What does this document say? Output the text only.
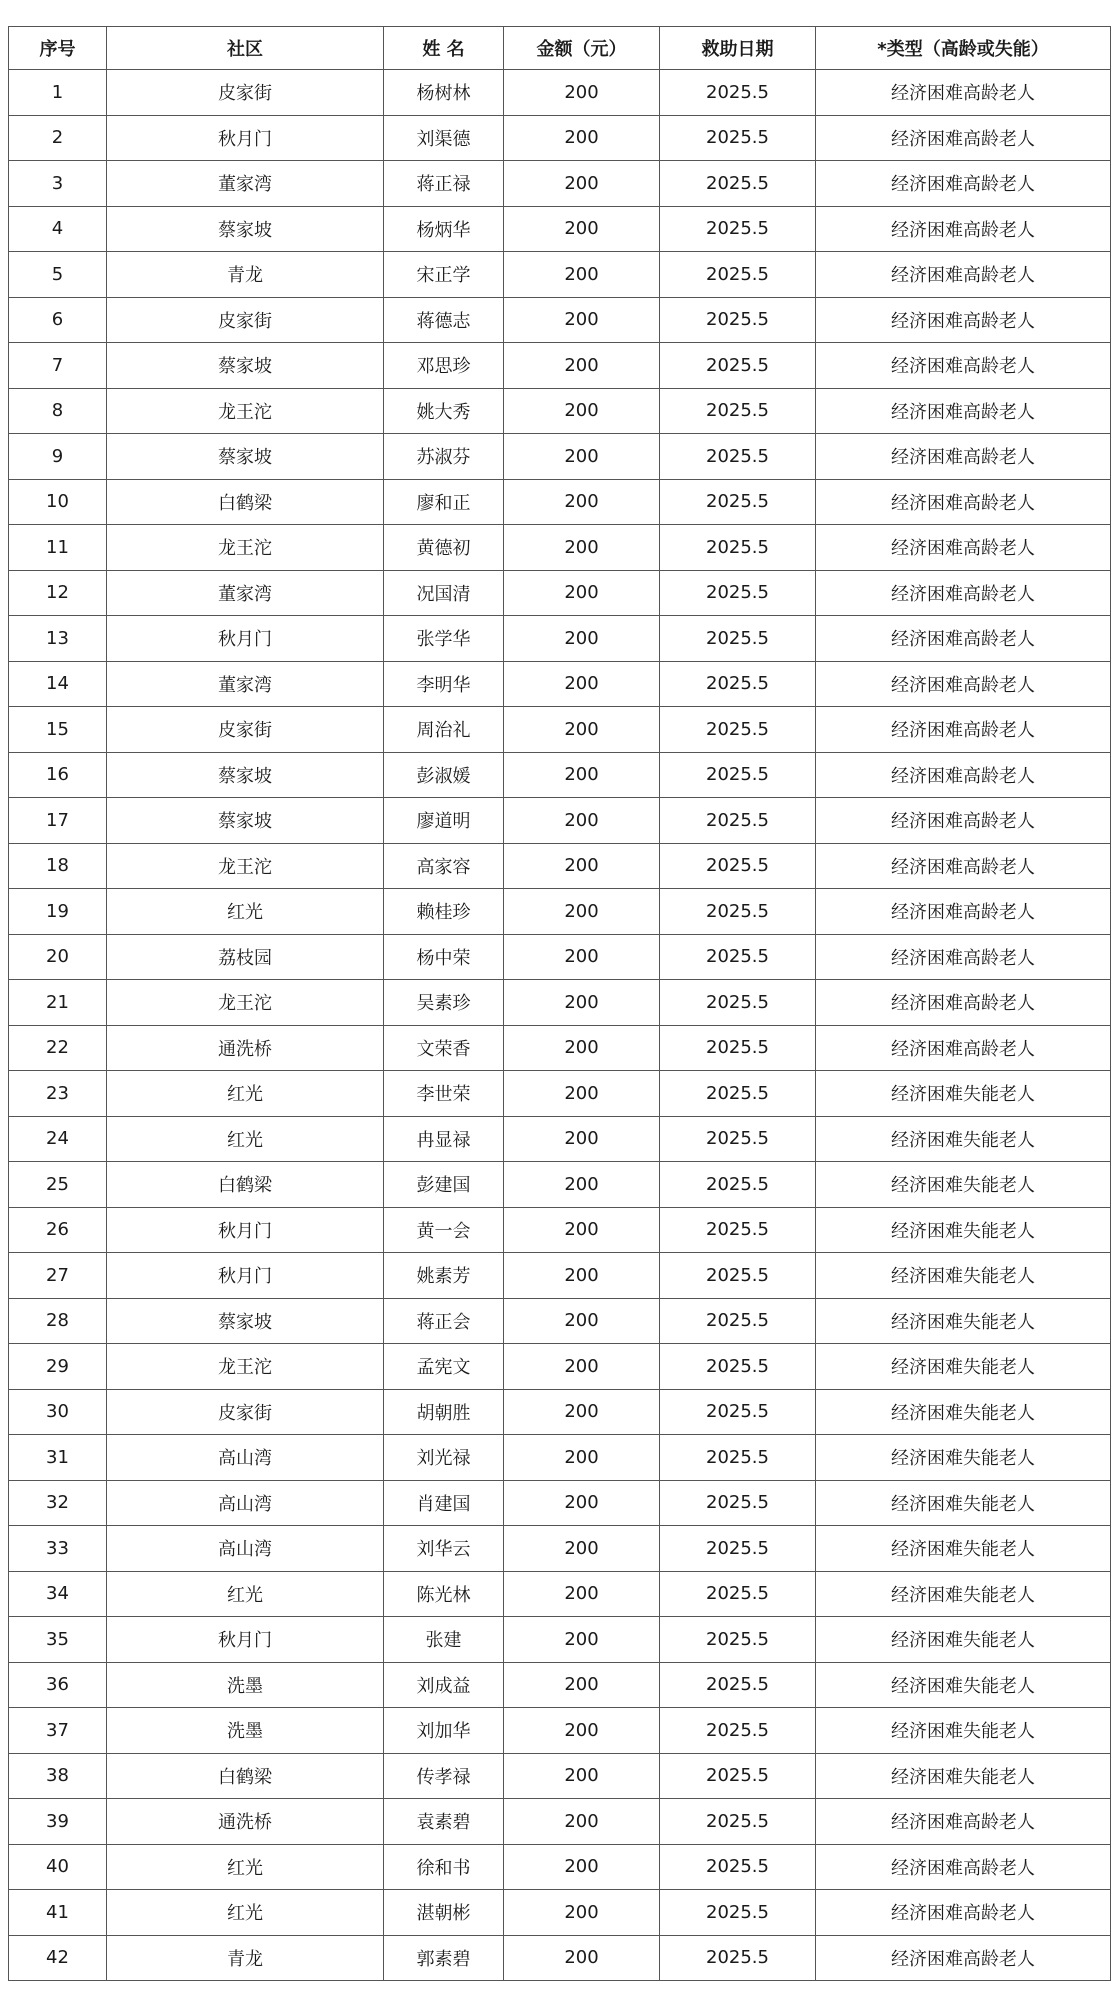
序号	社区	姓 名	金额（元）	救助日期	*类型（高龄或失能）
1	皮家街	杨树林	200	2025.5	经济困难高龄老人
2	秋月门	刘渠德	200	2025.5	经济困难高龄老人
3	董家湾	蒋正禄	200	2025.5	经济困难高龄老人
4	蔡家坡	杨炳华	200	2025.5	经济困难高龄老人
5	青龙	宋正学	200	2025.5	经济困难高龄老人
6	皮家街	蒋德志	200	2025.5	经济困难高龄老人
7	蔡家坡	邓思珍	200	2025.5	经济困难高龄老人
8	龙王沱	姚大秀	200	2025.5	经济困难高龄老人
9	蔡家坡	苏淑芬	200	2025.5	经济困难高龄老人
10	白鹤梁	廖和正	200	2025.5	经济困难高龄老人
11	龙王沱	黄德初	200	2025.5	经济困难高龄老人
12	董家湾	况国清	200	2025.5	经济困难高龄老人
13	秋月门	张学华	200	2025.5	经济困难高龄老人
14	董家湾	李明华	200	2025.5	经济困难高龄老人
15	皮家街	周治礼	200	2025.5	经济困难高龄老人
16	蔡家坡	彭淑媛	200	2025.5	经济困难高龄老人
17	蔡家坡	廖道明	200	2025.5	经济困难高龄老人
18	龙王沱	高家容	200	2025.5	经济困难高龄老人
19	红光	赖桂珍	200	2025.5	经济困难高龄老人
20	荔枝园	杨中荣	200	2025.5	经济困难高龄老人
21	龙王沱	吴素珍	200	2025.5	经济困难高龄老人
22	通洗桥	文荣香	200	2025.5	经济困难高龄老人
23	红光	李世荣	200	2025.5	经济困难失能老人
24	红光	冉显禄	200	2025.5	经济困难失能老人
25	白鹤梁	彭建国	200	2025.5	经济困难失能老人
26	秋月门	黄一会	200	2025.5	经济困难失能老人
27	秋月门	姚素芳	200	2025.5	经济困难失能老人
28	蔡家坡	蒋正会	200	2025.5	经济困难失能老人
29	龙王沱	孟宪文	200	2025.5	经济困难失能老人
30	皮家街	胡朝胜	200	2025.5	经济困难失能老人
31	高山湾	刘光禄	200	2025.5	经济困难失能老人
32	高山湾	肖建国	200	2025.5	经济困难失能老人
33	高山湾	刘华云	200	2025.5	经济困难失能老人
34	红光	陈光林	200	2025.5	经济困难失能老人
35	秋月门	张建	200	2025.5	经济困难失能老人
36	洗墨	刘成益	200	2025.5	经济困难失能老人
37	洗墨	刘加华	200	2025.5	经济困难失能老人
38	白鹤梁	传孝禄	200	2025.5	经济困难失能老人
39	通洗桥	袁素碧	200	2025.5	经济困难高龄老人
40	红光	徐和书	200	2025.5	经济困难高龄老人
41	红光	湛朝彬	200	2025.5	经济困难高龄老人
42	青龙	郭素碧	200	2025.5	经济困难高龄老人
